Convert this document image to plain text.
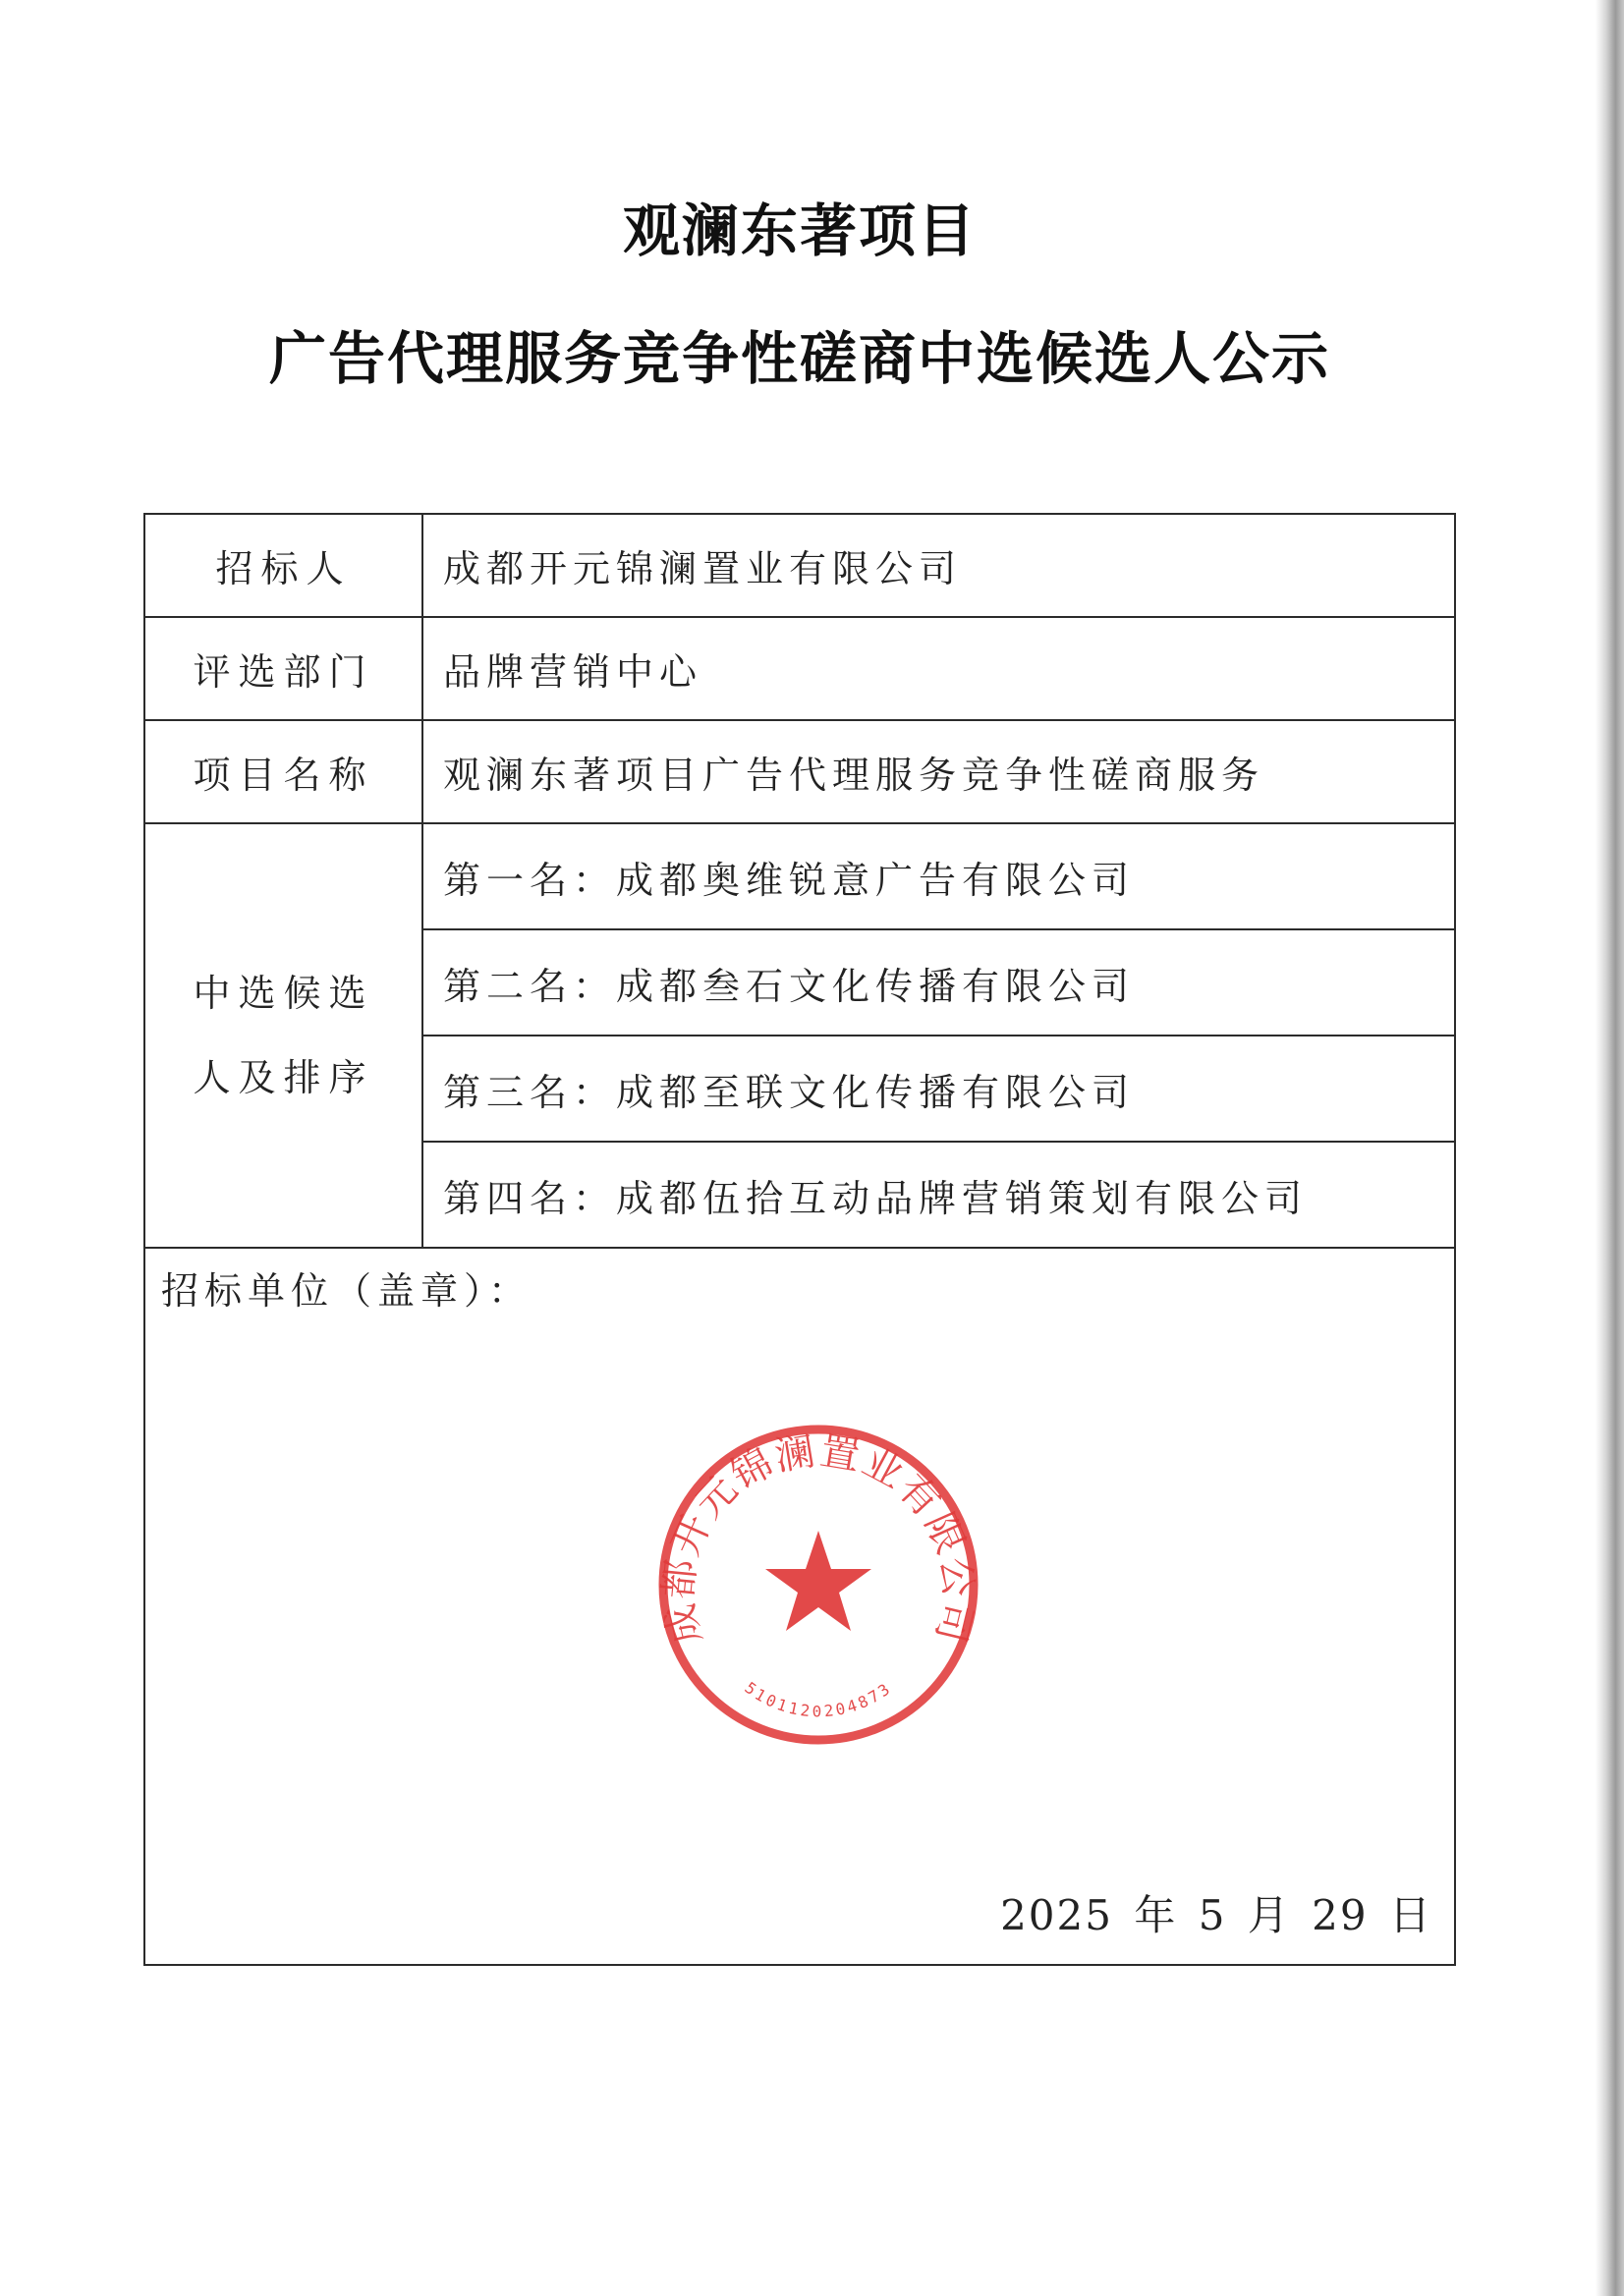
观澜东著项目
广告代理服务竞争性磋商中选候选人公示
招标人	成都开元锦澜置业有限公司
评选部门	品牌营销中心
项目名称	观澜东著项目广告代理服务竞争性磋商服务

中选候选
人及排序	第一名：成都奥维锐意广告有限公司
	第二名：成都叁石文化传播有限公司
	第三名：成都至联文化传播有限公司
	第四名：成都伍拾互动品牌营销策划有限公司

招标单位（盖章）：
成都开元锦澜置业有限公司
5101120204873
2025 年 5 月 29 日	
